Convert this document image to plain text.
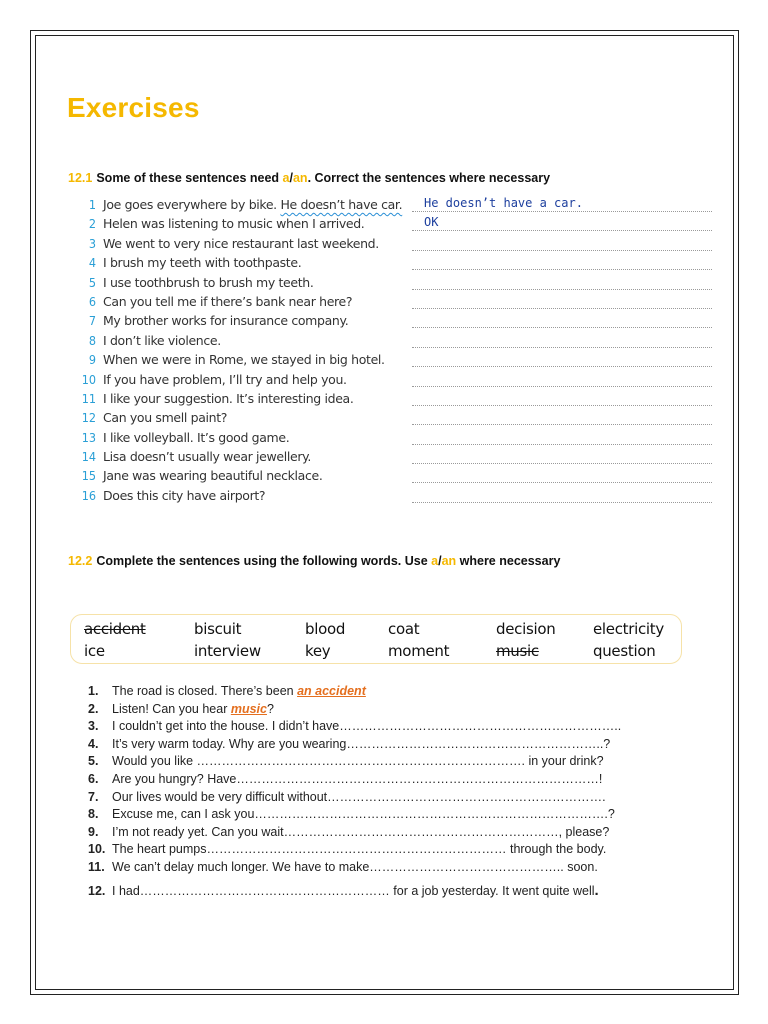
Exercises
12.1 Some of these sentences need a/an. Correct the sentences where necessary
1 Joe goes everywhere by bike. He doesn’t have car.	He doesn’t have a car.
2 Helen was listening to music when I arrived.	OK
3 We went to very nice restaurant last weekend.
4 I brush my teeth with toothpaste.
5 I use toothbrush to brush my teeth.
6 Can you tell me if there’s bank near here?
7 My brother works for insurance company.
8 I don’t like violence.
9 When we were in Rome, we stayed in big hotel.
10 If you have problem, I’ll try and help you.
11 I like your suggestion. It’s interesting idea.
12 Can you smell paint?
13 I like volleyball. It’s good game.
14 Lisa doesn’t usually wear jewellery.
15 Jane was wearing beautiful necklace.
16 Does this city have airport?
12.2 Complete the sentences using the following words. Use a/an where necessary
accident	biscuit	blood	coat	decision	electricity
ice	interview	key	moment	music	question
1. The road is closed. There’s been an accident
2. Listen! Can you hear music?
3. I couldn’t get into the house. I didn’t have…………………………………………………………..
4. It’s very warm today. Why are you wearing……………………………………………………..?
5. Would you like ……………………………………………………………………. in your drink?
6. Are you hungry? Have……………………………………………………………………………!
7. Our lives would be very difficult without………………………………………………………….
8. Excuse me, can I ask you………………………………………………………………………….?
9. I’m not ready yet. Can you wait…………………………………………………………, please?
10. The heart pumps……………………………………………………………… through the body.
11. We can’t delay much longer. We have to make……………………………………….. soon.
12. I had…………………………………………………… for a job yesterday. It went quite well.
